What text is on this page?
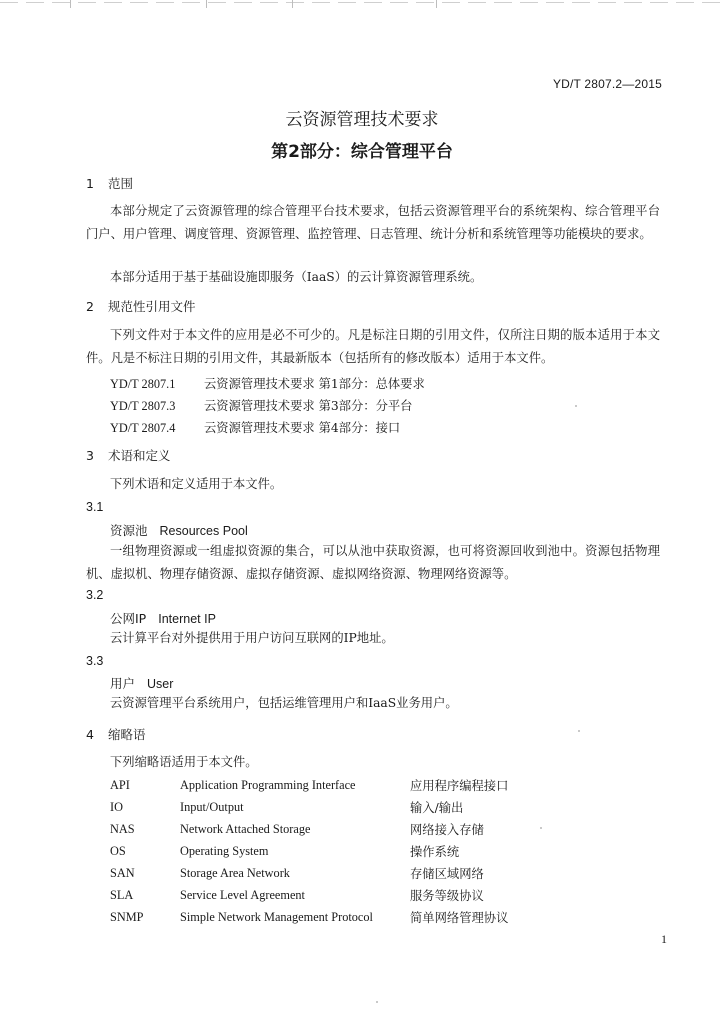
YD/T 2807.2—2015
云资源管理技术要求
第2部分：综合管理平台
1 范围

本部分规定了云资源管理的综合管理平台技术要求，包括云资源管理平台的系统架构、综合管理平台门户、用户管理、调度管理、资源管理、监控管理、日志管理、统计分析和系统管理等功能模块的要求。

本部分适用于基于基础设施即服务（IaaS）的云计算资源管理系统。

2 规范性引用文件

下列文件对于本文件的应用是必不可少的。凡是标注日期的引用文件，仅所注日期的版本适用于本文件。凡是不标注日期的引用文件，其最新版本（包括所有的修改版本）适用于本文件。

YD/T 2807.1 云资源管理技术要求 第1部分：总体要求
YD/T 2807.3 云资源管理技术要求 第3部分：分平台
YD/T 2807.4 云资源管理技术要求 第4部分：接口
3 术语和定义

下列术语和定义适用于本文件。

3.1
资源池 Resources Pool

一组物理资源或一组虚拟资源的集合，可以从池中获取资源，也可将资源回收到池中。资源包括物理机、虚拟机、物理存储资源、虚拟存储资源、虚拟网络资源、物理网络资源等。

3.2
公网IP Internet IP

云计算平台对外提供用于用户访问互联网的IP地址。

3.3
用户 User

云资源管理平台系统用户，包括运维管理用户和IaaS业务用户。

4 缩略语

下列缩略语适用于本文件。

API	Application Programming Interface	应用程序编程接口
IO	Input/Output	输入/输出
NAS	Network Attached Storage	网络接入存储
OS	Operating System	操作系统
SAN	Storage Area Network	存储区域网络
SLA	Service Level Agreement	服务等级协议
SNMP	Simple Network Management Protocol	简单网络管理协议
1
